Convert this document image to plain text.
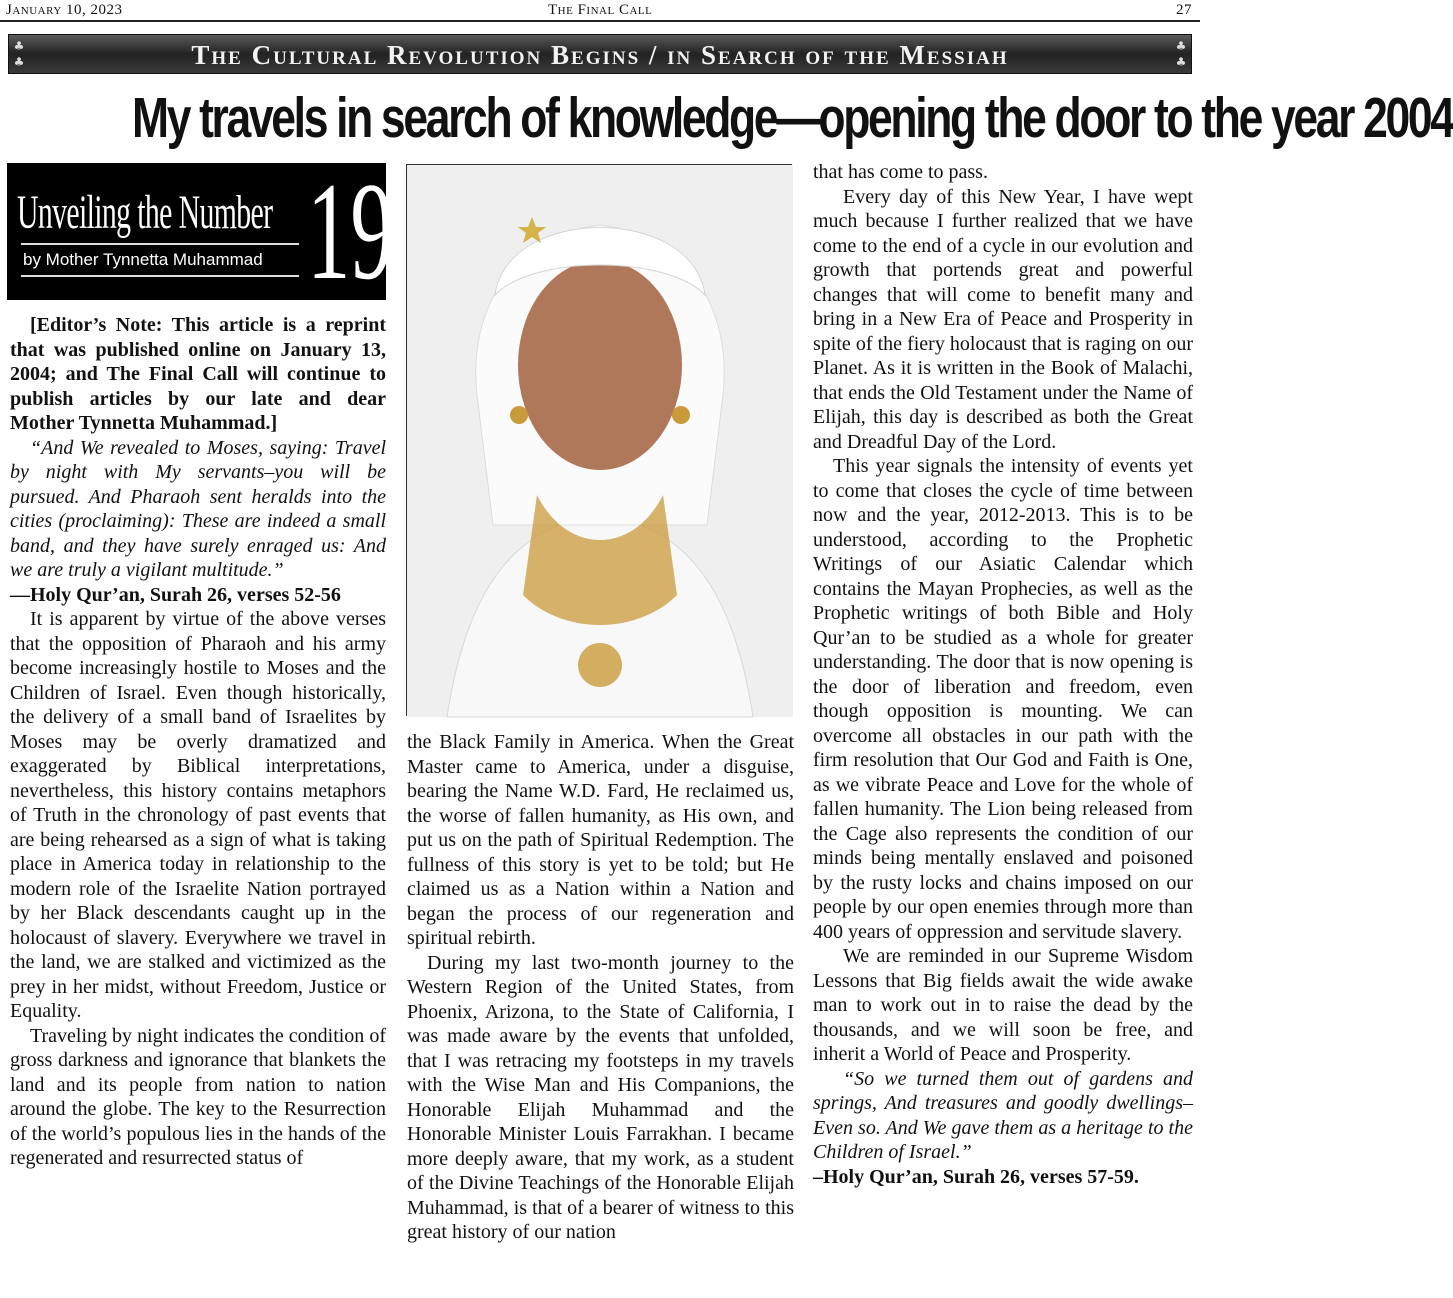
January 10, 2023	The Final Call	27
♣
♣	The Cultural Revolution Begins / in Search of the Messiah	♣
♣
My travels in search of knowledge—opening the door to the year 2004
Unveiling the Number
by Mother Tynnetta Muhammad 19

[Editor’s Note: This article is a reprint that was published online on January 13, 2004; and The Final Call will continue to publish articles by our late and dear Mother Tynnetta Muhammad.]

“And We revealed to Moses, saying: Travel by night with My servants–you will be pursued. And Pharaoh sent heralds into the cities (proclaiming): These are indeed a small band, and they have surely enraged us: And we are truly a vigilant multitude.”

—Holy Qur’an, Surah 26, verses 52-56

It is apparent by virtue of the above verses that the opposition of Pharaoh and his army become increasingly hostile to Moses and the Children of Israel. Even though historically, the delivery of a small band of Israelites by Moses may be overly dramatized and exaggerated by Biblical interpretations, nevertheless, this history contains metaphors of Truth in the chronology of past events that are being rehearsed as a sign of what is taking place in America today in relationship to the modern role of the Israelite Nation portrayed by her Black descendants caught up in the holocaust of slavery. Everywhere we travel in the land, we are stalked and victimized as the prey in her midst, without Freedom, Justice or Equality.

Traveling by night indicates the condition of gross darkness and ignorance that blankets the land and its people from nation to nation around the globe. The key to the Resurrection of the world’s populous lies in the hands of the regenerated and resurrected status of

the Black Family in America. When the Great Master came to America, under a disguise, bearing the Name W.D. Fard, He reclaimed us, the worse of fallen humanity, as His own, and put us on the path of Spiritual Redemption. The fullness of this story is yet to be told; but He claimed us as a Nation within a Nation and began the process of our regeneration and spiritual rebirth.

During my last two-month journey to the Western Region of the United States, from Phoenix, Arizona, to the State of California, I was made aware by the events that unfolded, that I was retracing my footsteps in my travels with the Wise Man and His Companions, the Honorable Elijah Muhammad and the Honorable Minister Louis Farrakhan. I became more deeply aware, that my work, as a student of the Divine Teachings of the Honorable Elijah Muhammad, is that of a bearer of witness to this great history of our nation

that has come to pass.

Every day of this New Year, I have wept much because I further realized that we have come to the end of a cycle in our evolution and growth that portends great and powerful changes that will come to benefit many and bring in a New Era of Peace and Prosperity in spite of the fiery holocaust that is raging on our Planet. As it is written in the Book of Malachi, that ends the Old Testament under the Name of Elijah, this day is described as both the Great and Dreadful Day of the Lord.

This year signals the intensity of events yet to come that closes the cycle of time between now and the year, 2012-2013. This is to be understood, according to the Prophetic Writings of our Asiatic Calendar which contains the Mayan Prophecies, as well as the Prophetic writings of both Bible and Holy Qur’an to be studied as a whole for greater understanding. The door that is now opening is the door of liberation and freedom, even though opposition is mounting. We can overcome all obstacles in our path with the firm resolution that Our God and Faith is One, as we vibrate Peace and Love for the whole of fallen humanity. The Lion being released from the Cage also represents the condition of our minds being mentally enslaved and poisoned by the rusty locks and chains imposed on our people by our open enemies through more than 400 years of oppression and servitude slavery.

We are reminded in our Supreme Wisdom Lessons that Big fields await the wide awake man to work out in to raise the dead by the thousands, and we will soon be free, and inherit a World of Peace and Prosperity.

“So we turned them out of gardens and springs, And treasures and goodly dwellings–Even so. And We gave them as a heritage to the Children of Israel.”

–Holy Qur’an, Surah 26, verses 57-59.
